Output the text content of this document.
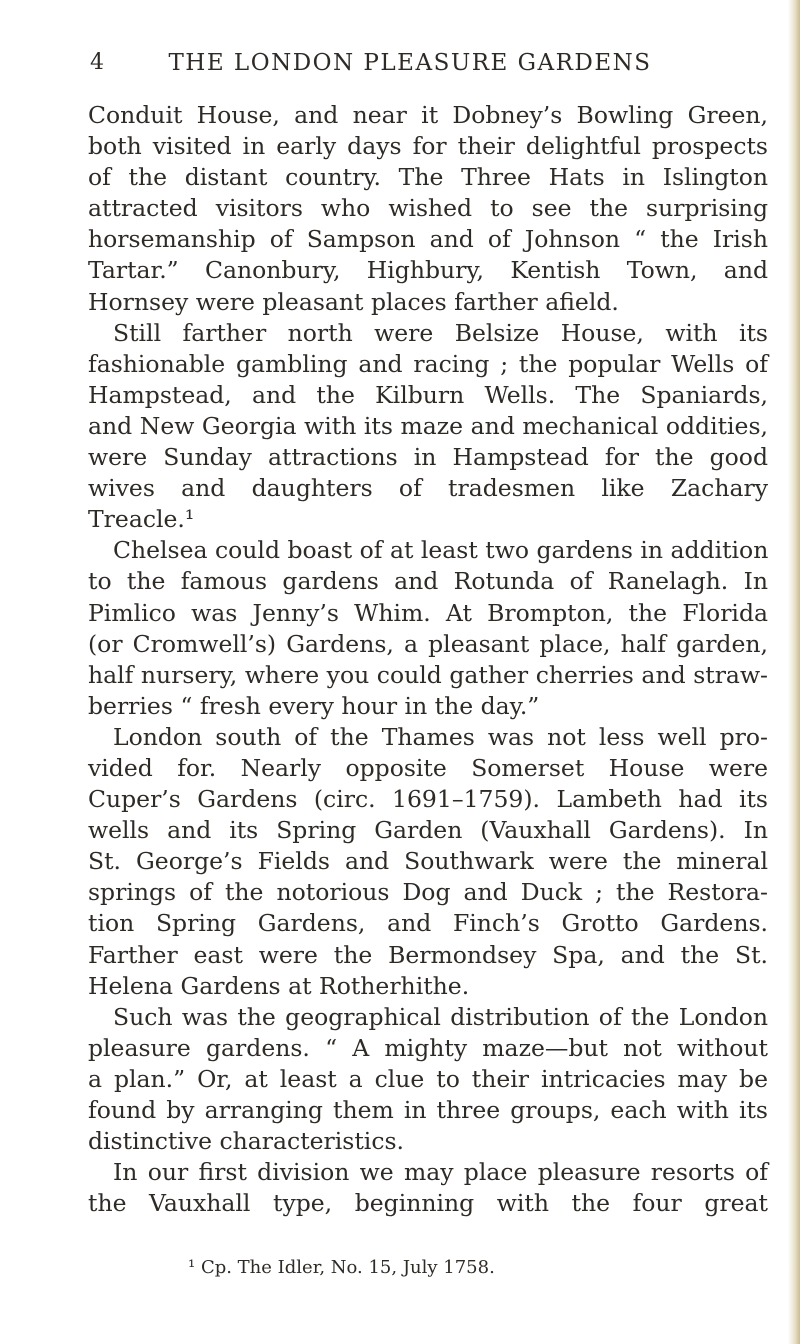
4	THE LONDON PLEASURE GARDENS
Conduit House, and near it Dobney’s Bowling Green,
both visited in early days for their delightful prospects
of the distant country. The Three Hats in Islington
attracted visitors who wished to see the surprising
horsemanship of Sampson and of Johnson “ the Irish
Tartar.” Canonbury, Highbury, Kentish Town, and
Hornsey were pleasant places farther afield.
Still farther north were Belsize House, with its
fashionable gambling and racing ; the popular Wells of
Hampstead, and the Kilburn Wells. The Spaniards,
and New Georgia with its maze and mechanical oddities,
were Sunday attractions in Hampstead for the good
wives and daughters of tradesmen like Zachary
Treacle.¹
Chelsea could boast of at least two gardens in addition
to the famous gardens and Rotunda of Ranelagh. In
Pimlico was Jenny’s Whim. At Brompton, the Florida
(or Cromwell’s) Gardens, a pleasant place, half garden,
half nursery, where you could gather cherries and straw-
berries “ fresh every hour in the day.”
London south of the Thames was not less well pro-
vided for. Nearly opposite Somerset House were
Cuper’s Gardens (circ. 1691–1759). Lambeth had its
wells and its Spring Garden (Vauxhall Gardens). In
St. George’s Fields and Southwark were the mineral
springs of the notorious Dog and Duck ; the Restora-
tion Spring Gardens, and Finch’s Grotto Gardens.
Farther east were the Bermondsey Spa, and the St.
Helena Gardens at Rotherhithe.
Such was the geographical distribution of the London
pleasure gardens. “ A mighty maze—but not without
a plan.” Or, at least a clue to their intricacies may be
found by arranging them in three groups, each with its
distinctive characteristics.
In our first division we may place pleasure resorts of
the Vauxhall type, beginning with the four great
¹ Cp. The Idler, No. 15, July 1758.
